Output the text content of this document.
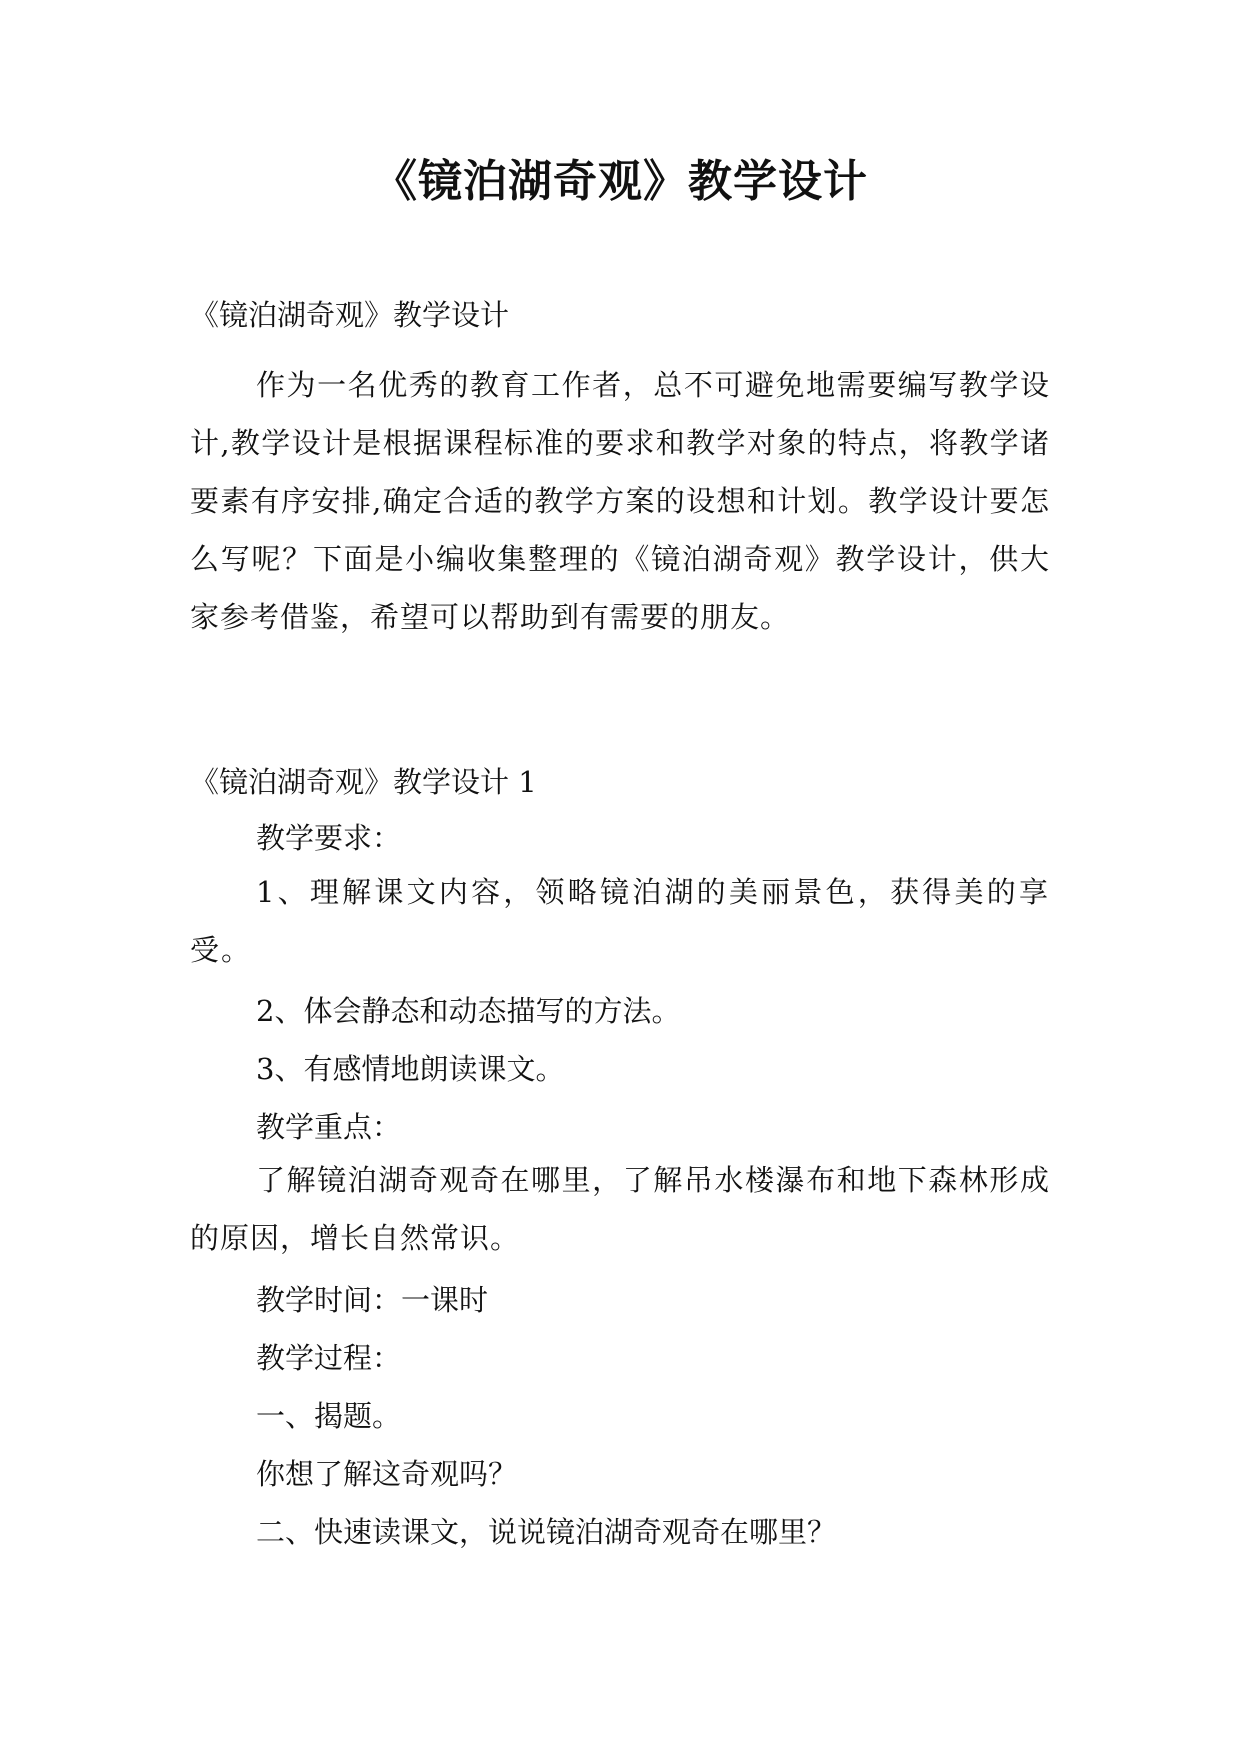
《镜泊湖奇观》教学设计
《镜泊湖奇观》教学设计
作为一名优秀的教育工作者，总不可避免地需要编写教学设计,教学设计是根据课程标准的要求和教学对象的特点，将教学诸要素有序安排,确定合适的教学方案的设想和计划。教学设计要怎么写呢？下面是小编收集整理的《镜泊湖奇观》教学设计，供大家参考借鉴，希望可以帮助到有需要的朋友。
《镜泊湖奇观》教学设计 1
教学要求：
1、理解课文内容，领略镜泊湖的美丽景色，获得美的享受。
2、体会静态和动态描写的方法。
3、有感情地朗读课文。
教学重点：
了解镜泊湖奇观奇在哪里，了解吊水楼瀑布和地下森林形成的原因，增长自然常识。
教学时间：一课时
教学过程：
一、揭题。
你想了解这奇观吗？
二、快速读课文，说说镜泊湖奇观奇在哪里？
